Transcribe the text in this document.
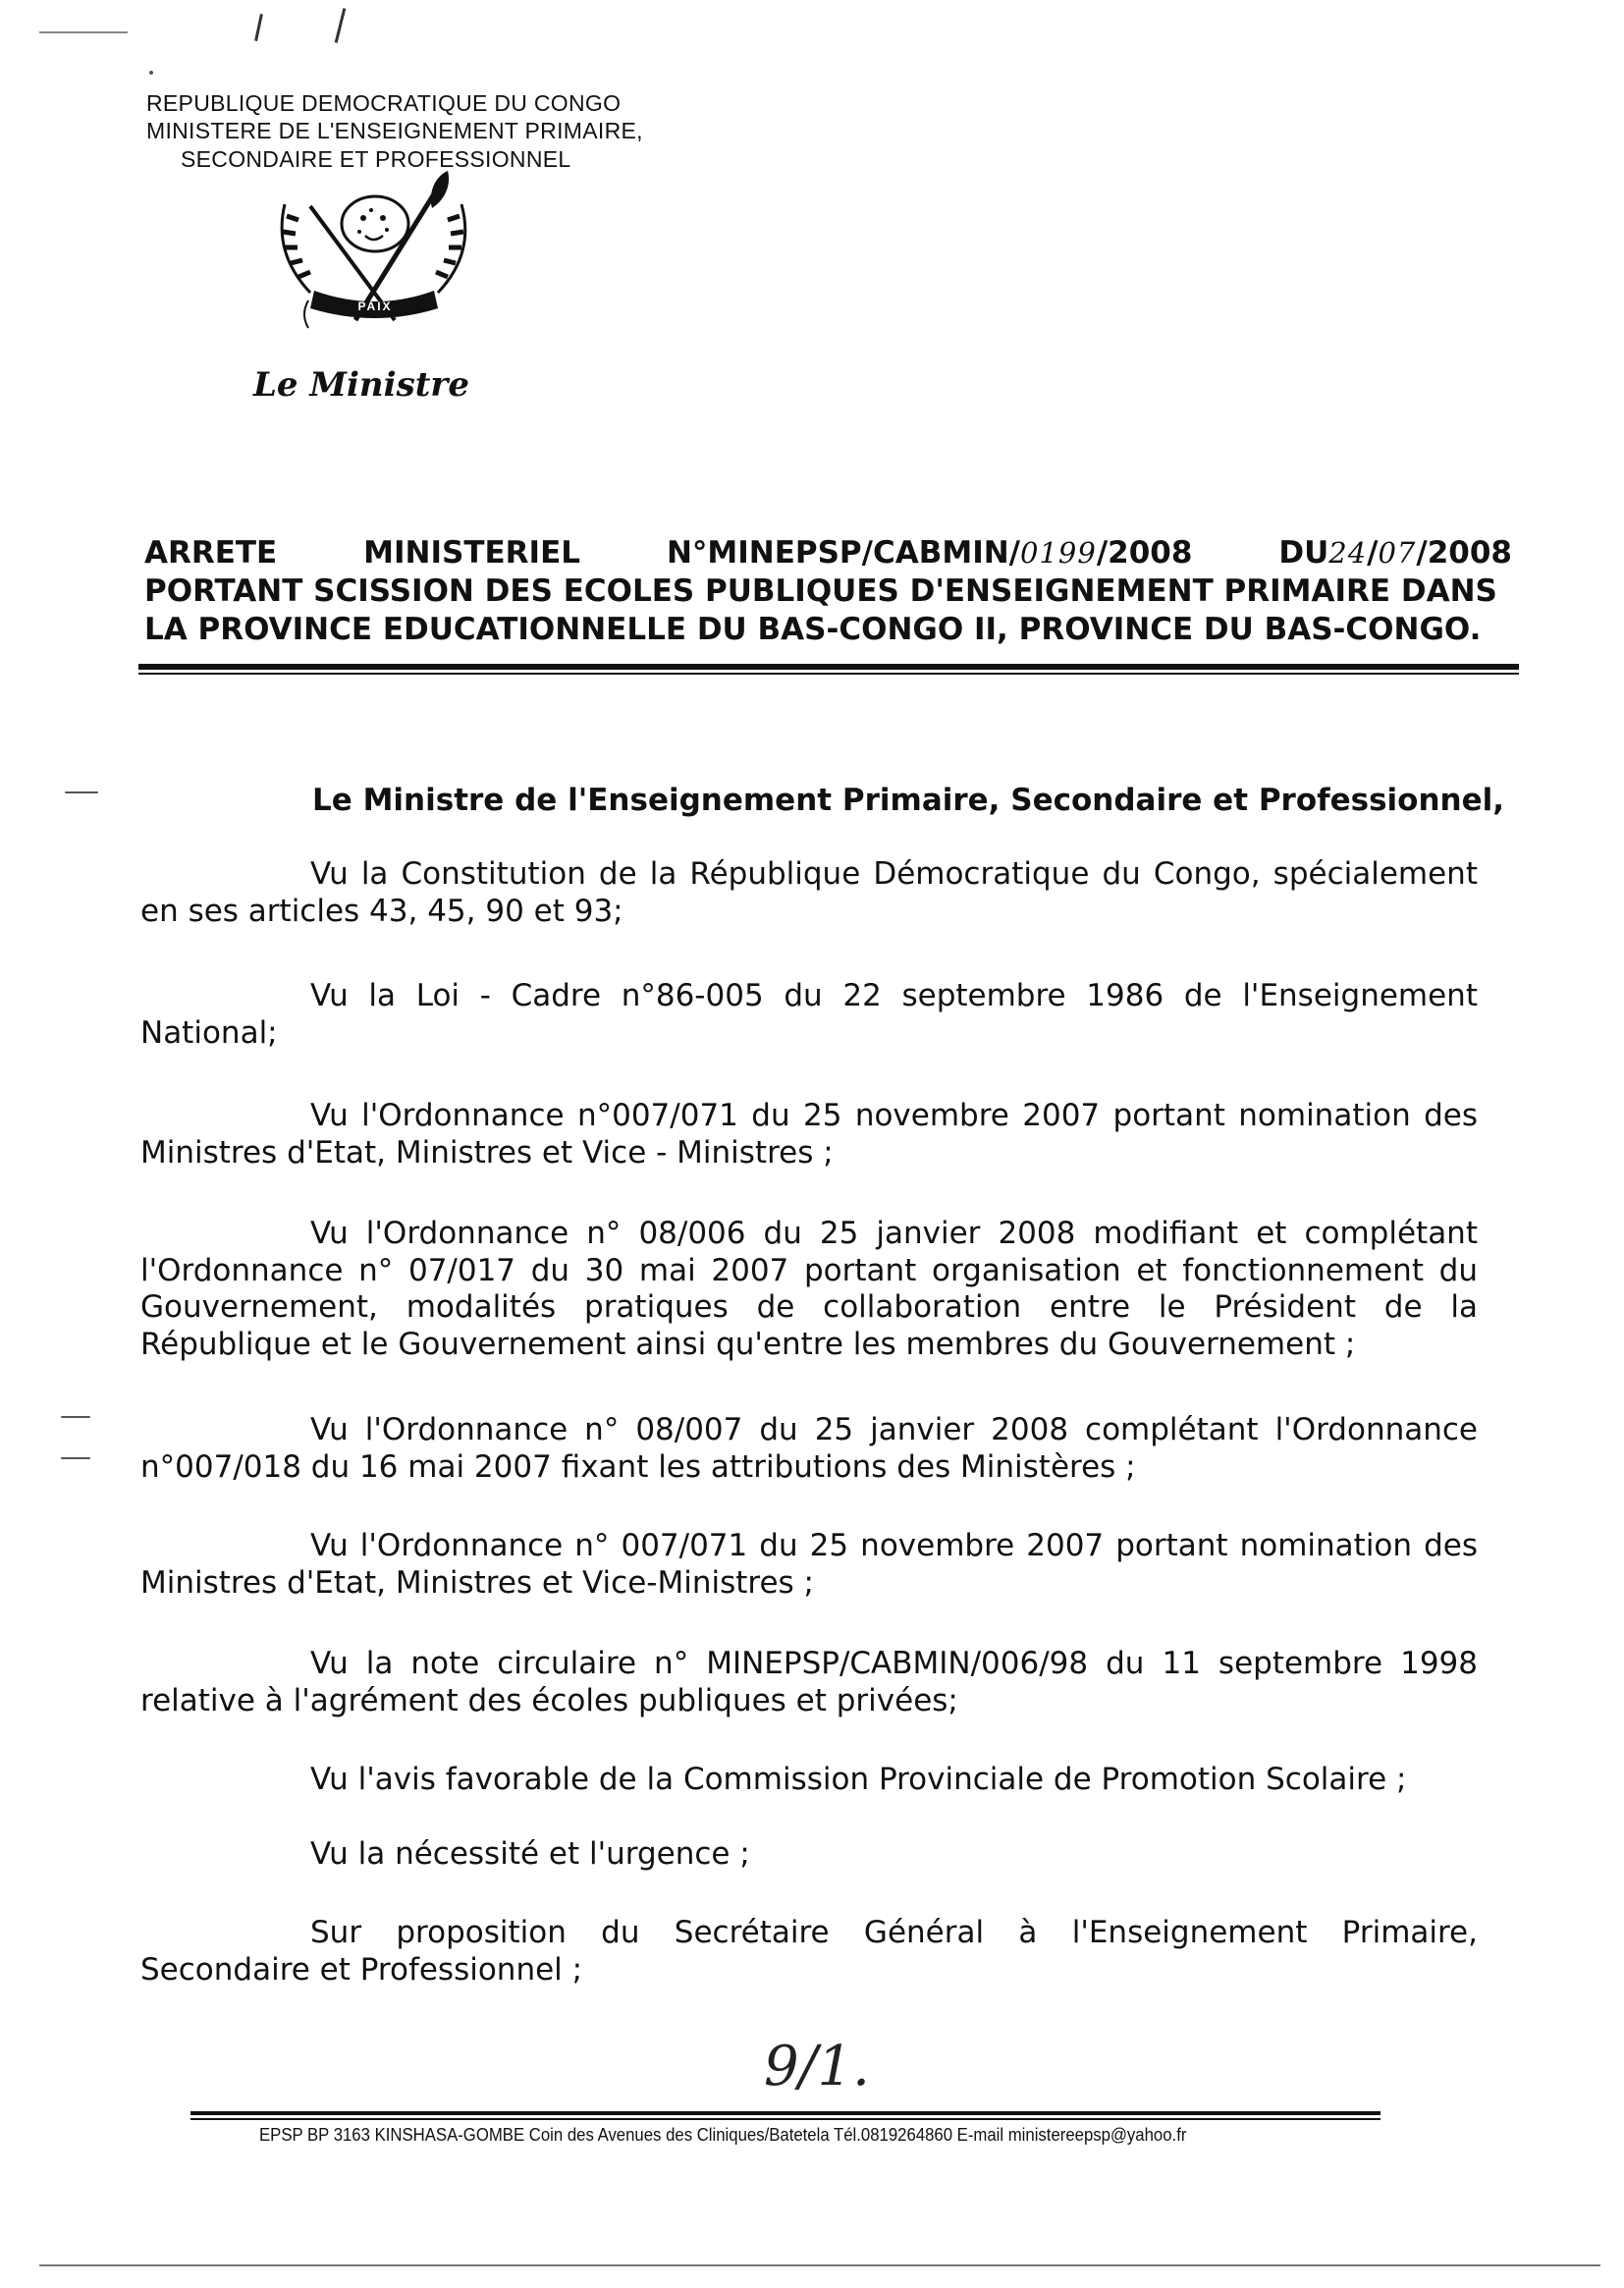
REPUBLIQUE DEMOCRATIQUE DU CONGO
MINISTERE DE L'ENSEIGNEMENT PRIMAIRE,
SECONDAIRE ET PROFESSIONNEL
PAIX
Le Ministre
ARRETE	MINISTERIEL	N°MINEPSP/CABMIN/0199/2008	DU24/07/2008
PORTANT SCISSION DES ECOLES PUBLIQUES D'ENSEIGNEMENT PRIMAIRE DANS
LA PROVINCE EDUCATIONNELLE DU BAS-CONGO II, PROVINCE DU BAS-CONGO.
Le Ministre de l'Enseignement Primaire, Secondaire et Professionnel,
Vu la Constitution de la République Démocratique du Congo, spécialement en ses articles 43, 45, 90 et 93;
Vu la Loi - Cadre n°86-005 du 22 septembre 1986 de l'Enseignement National;
Vu l'Ordonnance n°007/071 du 25 novembre 2007 portant nomination des Ministres d'Etat, Ministres et Vice - Ministres ;
Vu l'Ordonnance n° 08/006 du 25 janvier 2008 modifiant et complétant l'Ordonnance n° 07/017 du 30 mai 2007 portant organisation et fonctionnement du Gouvernement, modalités pratiques de collaboration entre le Président de la République et le Gouvernement ainsi qu'entre les membres du Gouvernement ;
Vu l'Ordonnance n° 08/007 du 25 janvier 2008 complétant l'Ordonnance n°007/018 du 16 mai 2007 fixant les attributions des Ministères ;
Vu l'Ordonnance n° 007/071 du 25 novembre 2007 portant nomination des Ministres d'Etat, Ministres et Vice-Ministres ;
Vu la note circulaire n° MINEPSP/CABMIN/006/98 du 11 septembre 1998 relative à l'agrément des écoles publiques et privées;
Vu l'avis favorable de la Commission Provinciale de Promotion Scolaire ;
Vu la nécessité et l'urgence ;
Sur proposition du Secrétaire Général à l'Enseignement Primaire, Secondaire et Professionnel ;
9/1.
EPSP BP 3163 KINSHASA-GOMBE Coin des Avenues des Cliniques/Batetela Tél.0819264860 E-mail ministereepsp@yahoo.fr
